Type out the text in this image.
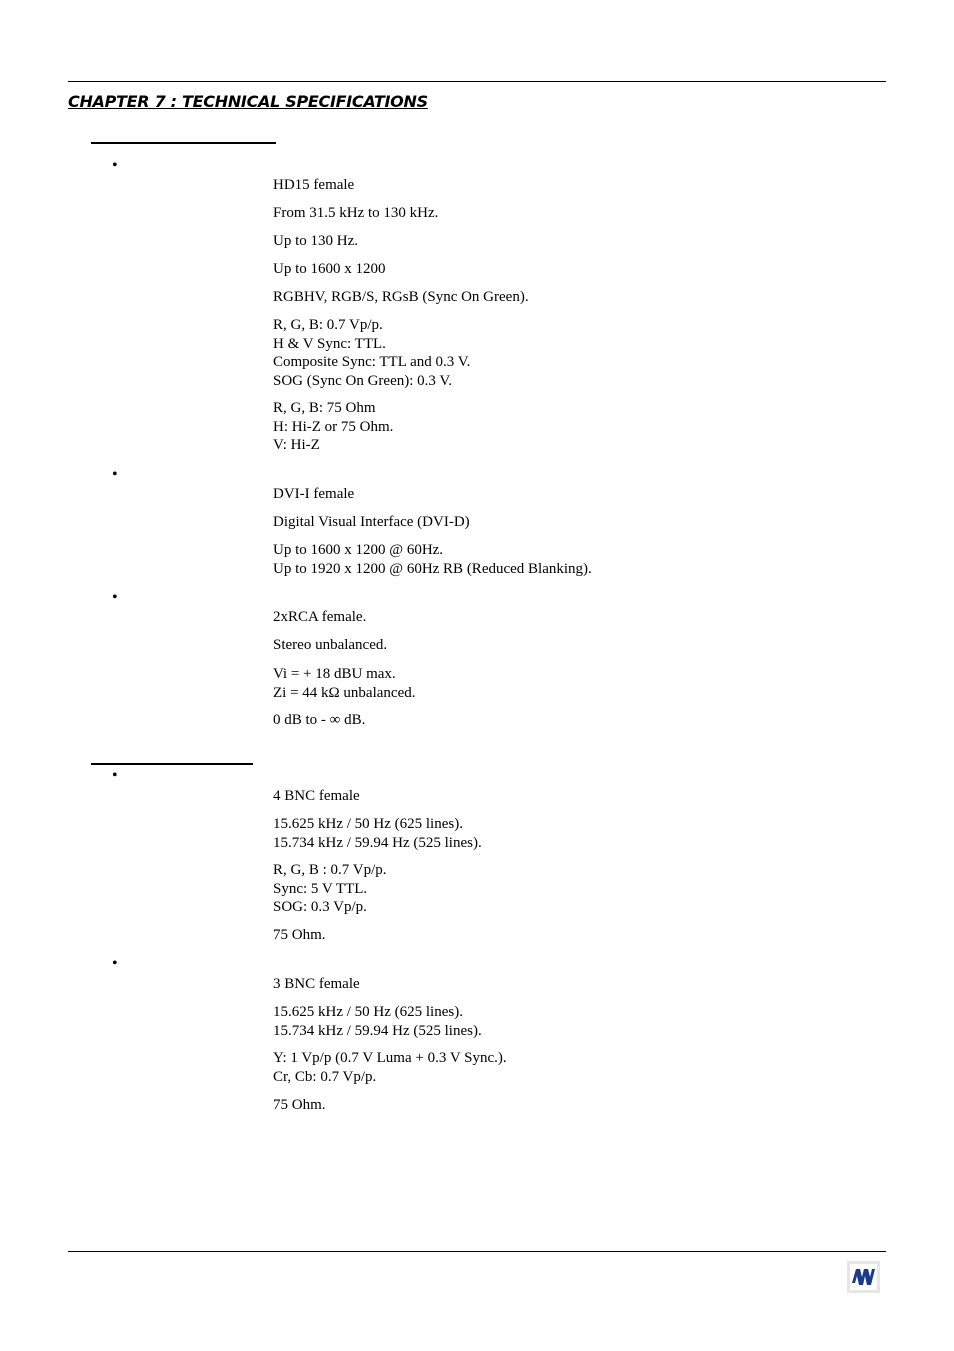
CHAPTER 7 : TECHNICAL SPECIFICATIONS
•
HD15 female
From 31.5 kHz to 130 kHz.
Up to 130 Hz.
Up to 1600 x 1200
RGBHV, RGB/S, RGsB (Sync On Green).
R, G, B: 0.7 Vp/p.
H & V Sync: TTL.
Composite Sync: TTL and 0.3 V.
SOG (Sync On Green): 0.3 V.
R, G, B: 75 Ohm
H: Hi-Z or 75 Ohm.
V: Hi-Z
•
DVI-I female
Digital Visual Interface (DVI-D)
Up to 1600 x 1200 @ 60Hz.
Up to 1920 x 1200 @ 60Hz RB (Reduced Blanking).
•
2xRCA female.
Stereo unbalanced.
Vi = + 18 dBU max.
Zi = 44 kΩ unbalanced.
0 dB to - ∞ dB.
•
4 BNC female
15.625 kHz / 50 Hz (625 lines).
15.734 kHz / 59.94 Hz (525 lines).
R, G, B : 0.7 Vp/p.
Sync: 5 V TTL.
SOG: 0.3 Vp/p.
75 Ohm.
•
3 BNC female
15.625 kHz / 50 Hz (625 lines).
15.734 kHz / 59.94 Hz (525 lines).
Y: 1 Vp/p (0.7 V Luma + 0.3 V Sync.).
Cr, Cb: 0.7 Vp/p.
75 Ohm.
